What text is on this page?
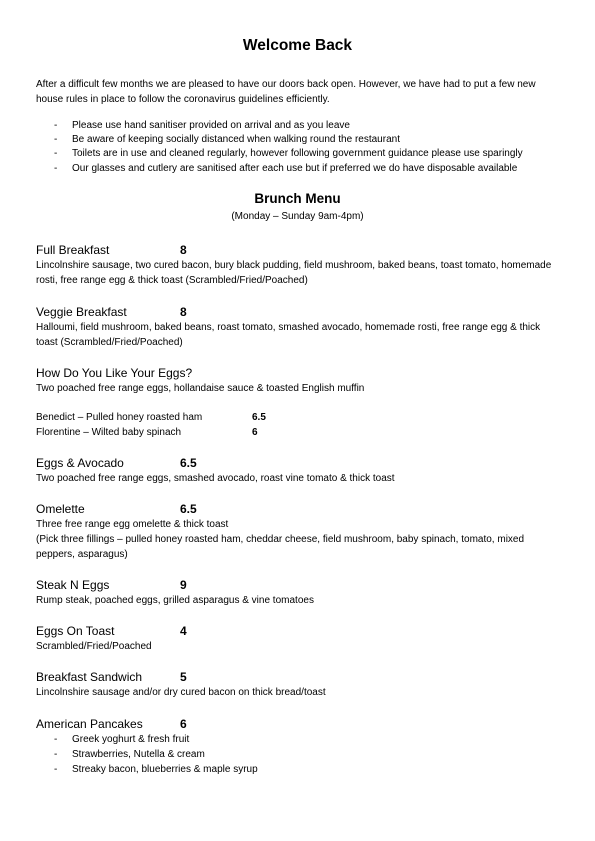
Welcome Back
After a difficult few months we are pleased to have our doors back open. However, we have had to put a few new house rules in place to follow the coronavirus guidelines efficiently.
- Please use hand sanitiser provided on arrival and as you leave
- Be aware of keeping socially distanced when walking round the restaurant
- Toilets are in use and cleaned regularly, however following government guidance please use sparingly
- Our glasses and cutlery are sanitised after each use but if preferred we do have disposable available
Brunch Menu
(Monday – Sunday 9am-4pm)
Full Breakfast	8
Lincolnshire sausage, two cured bacon, bury black pudding, field mushroom, baked beans, toast tomato, homemade rosti, free range egg & thick toast (Scrambled/Fried/Poached)
Veggie Breakfast	8
Halloumi, field mushroom, baked beans, roast tomato, smashed avocado, homemade rosti, free range egg & thick toast (Scrambled/Fried/Poached)
How Do You Like Your Eggs?
Two poached free range eggs, hollandaise sauce & toasted English muffin
Benedict – Pulled honey roasted ham	6.5
Florentine – Wilted baby spinach	6
Eggs & Avocado	6.5
Two poached free range eggs, smashed avocado, roast vine tomato & thick toast
Omelette	6.5
Three free range egg omelette & thick toast
(Pick three fillings – pulled honey roasted ham, cheddar cheese, field mushroom, baby spinach, tomato, mixed peppers, asparagus)
Steak N Eggs	9
Rump steak, poached eggs, grilled asparagus & vine tomatoes
Eggs On Toast	4
Scrambled/Fried/Poached
Breakfast Sandwich	5
Lincolnshire sausage and/or dry cured bacon on thick bread/toast
American Pancakes	6
- Greek yoghurt & fresh fruit
- Strawberries, Nutella & cream
- Streaky bacon, blueberries & maple syrup
